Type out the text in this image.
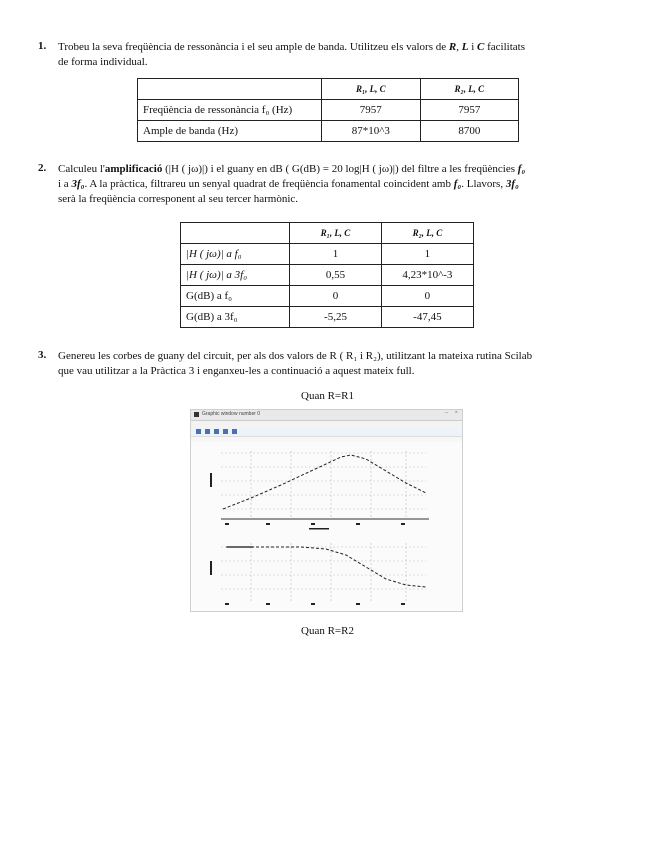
1. Trobeu la seva freqüència de ressonància i el seu ample de banda. Utilitzeu els valors de R, L i C facilitats
de forma individual.
	R₁, L, C	R₂, L, C
Freqüència de ressonància f₀ (Hz)	7957	7957
Ample de banda (Hz)	87*10^3	8700
2. Calculeu l'amplificació (|H ( jω)|) i el guany en dB ( G(dB) = 20 log|H ( jω)|) del filtre a les freqüències f₀
i a 3f₀. A la pràctica, filtrareu un senyal quadrat de freqüència fonamental coincident amb f₀. Llavors, 3f₀
serà la freqüència corresponent al seu tercer harmònic.
	R₁, L, C	R₂, L, C
|H ( jω)| a f₀	1	1
|H ( jω)| a 3f₀	0,55	4,23*10^-3
G(dB) a f₀	0	0
G(dB) a 3f₀	-5,25	-47,45
3. Genereu les corbes de guany del circuit, per als dos valors de R ( R₁ i R₂), utilitzant la mateixa rutina Scilab
que vau utilitzar a la Pràctica 3 i enganxeu-les a continuació a aquest mateix full.
Quan R=R1
Graphic window number 0	– ×
Quan R=R2
